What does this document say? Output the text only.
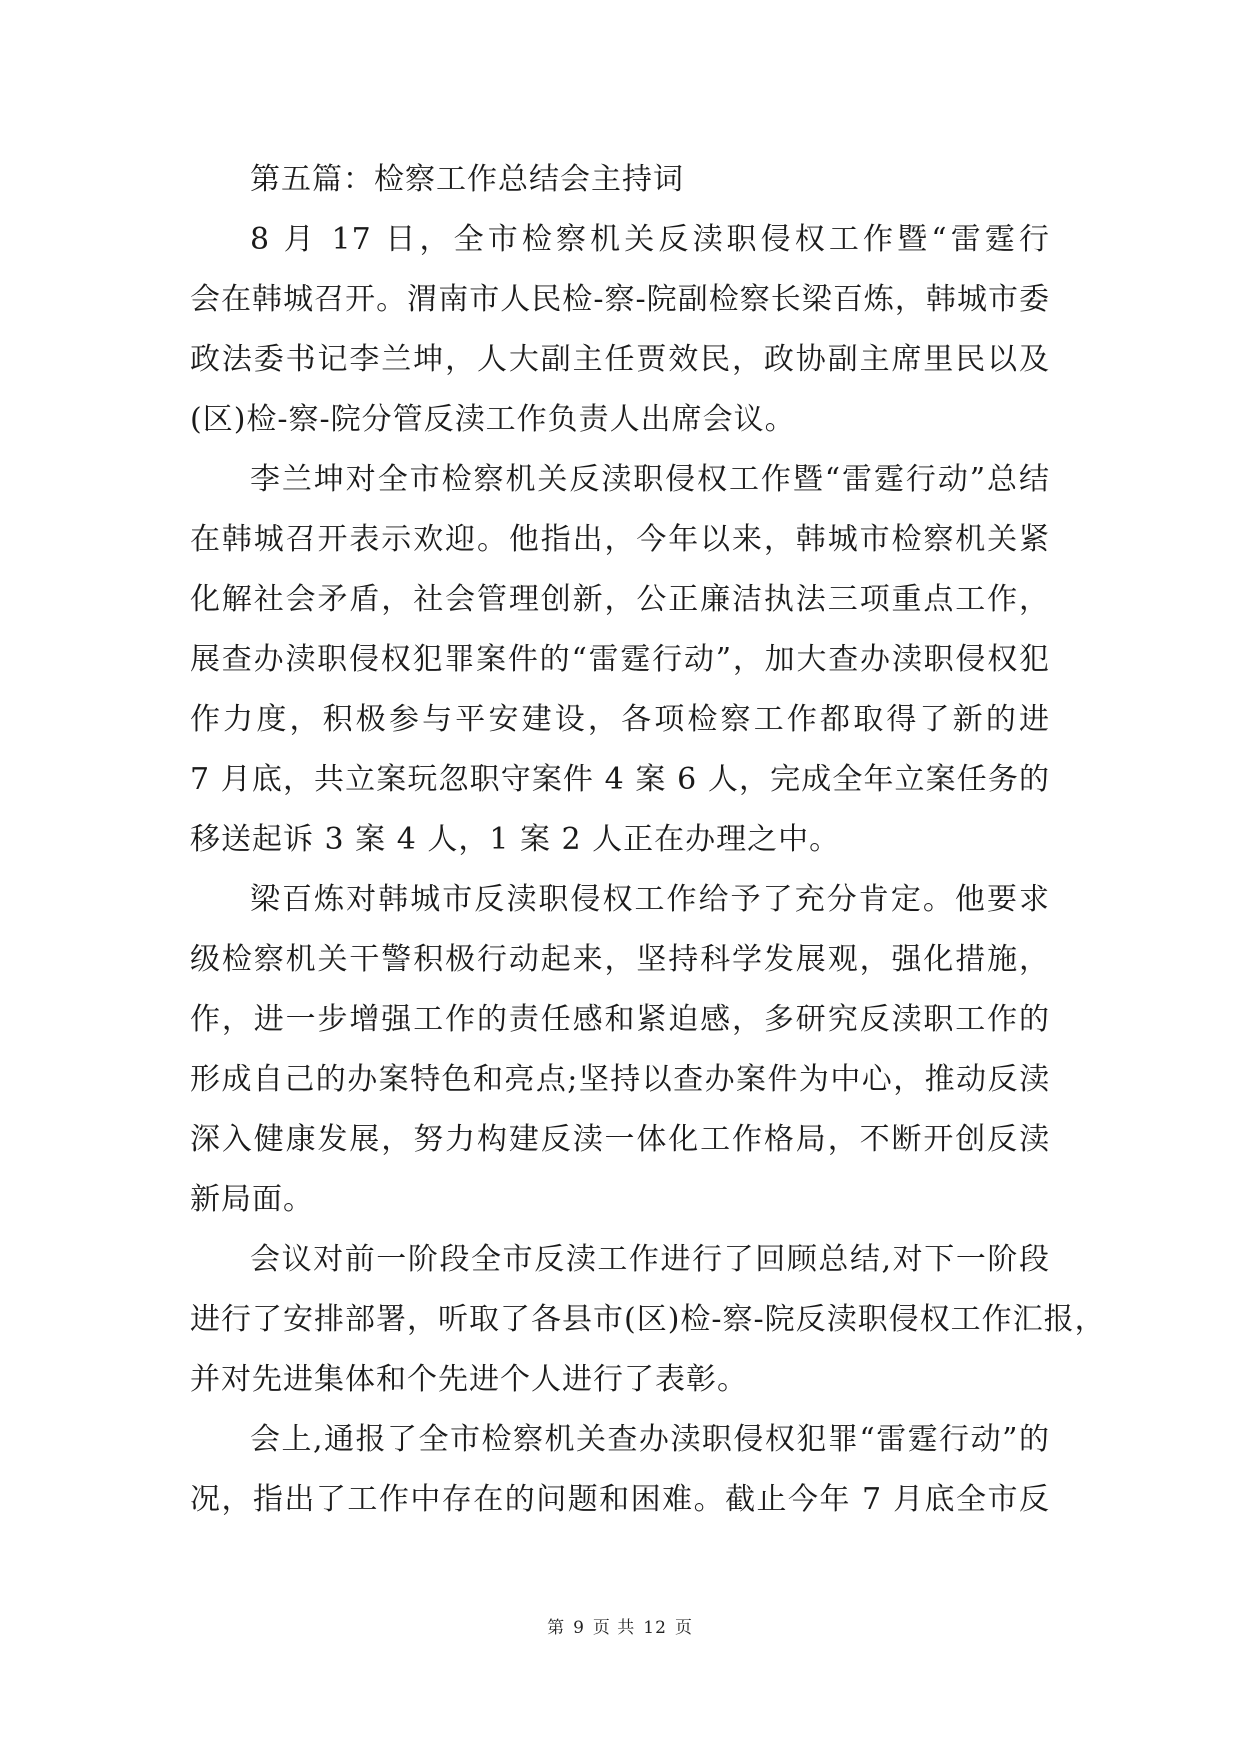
第五篇：检察工作总结会主持词
8 月 17 日，全市检察机关反渎职侵权工作暨“雷霆行
会在韩城召开。渭南市人民检-察-院副检察长梁百炼，韩城市委
政法委书记李兰坤，人大副主任贾效民，政协副主席里民以及
(区)检-察-院分管反渎工作负责人出席会议。
李兰坤对全市检察机关反渎职侵权工作暨“雷霆行动”总结
在韩城召开表示欢迎。他指出，今年以来，韩城市检察机关紧
化解社会矛盾，社会管理创新，公正廉洁执法三项重点工作，
展查办渎职侵权犯罪案件的“雷霆行动”，加大查办渎职侵权犯
作力度，积极参与平安建设，各项检察工作都取得了新的进
7 月底，共立案玩忽职守案件 4 案 6 人，完成全年立案任务的
移送起诉 3 案 4 人，1 案 2 人正在办理之中。
梁百炼对韩城市反渎职侵权工作给予了充分肯定。他要求
级检察机关干警积极行动起来，坚持科学发展观，强化措施，
作，进一步增强工作的责任感和紧迫感，多研究反渎职工作的
形成自己的办案特色和亮点;坚持以查办案件为中心，推动反渎
深入健康发展，努力构建反渎一体化工作格局，不断开创反渎
新局面。
会议对前一阶段全市反渎工作进行了回顾总结,对下一阶段
进行了安排部署，听取了各县市(区)检-察-院反渎职侵权工作汇报，
并对先进集体和个先进个人进行了表彰。
会上,通报了全市检察机关查办渎职侵权犯罪“雷霆行动”的
况，指出了工作中存在的问题和困难。截止今年 7 月底全市反
第 9 页 共 12 页
